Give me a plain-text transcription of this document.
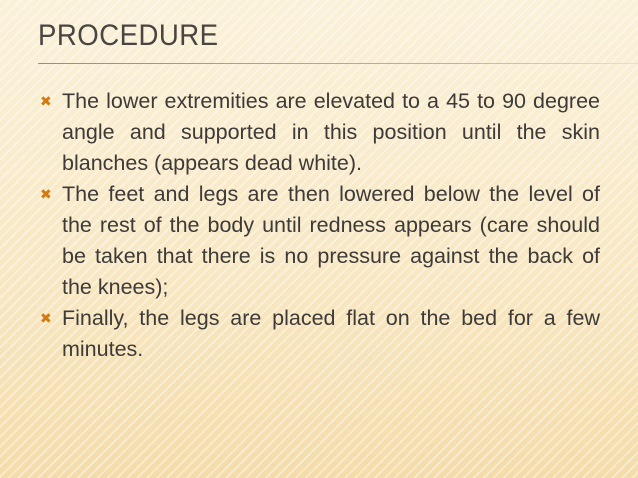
PROCEDURE
✖ The lower extremities are elevated to a 45 to 90 degree angle and supported in this position until the skin blanches (appears dead white).
✖ The feet and legs are then lowered below the level of the rest of the body until redness appears (care should be taken that there is no pressure against the back of the knees);
✖ Finally, the legs are placed flat on the bed for a few minutes.
